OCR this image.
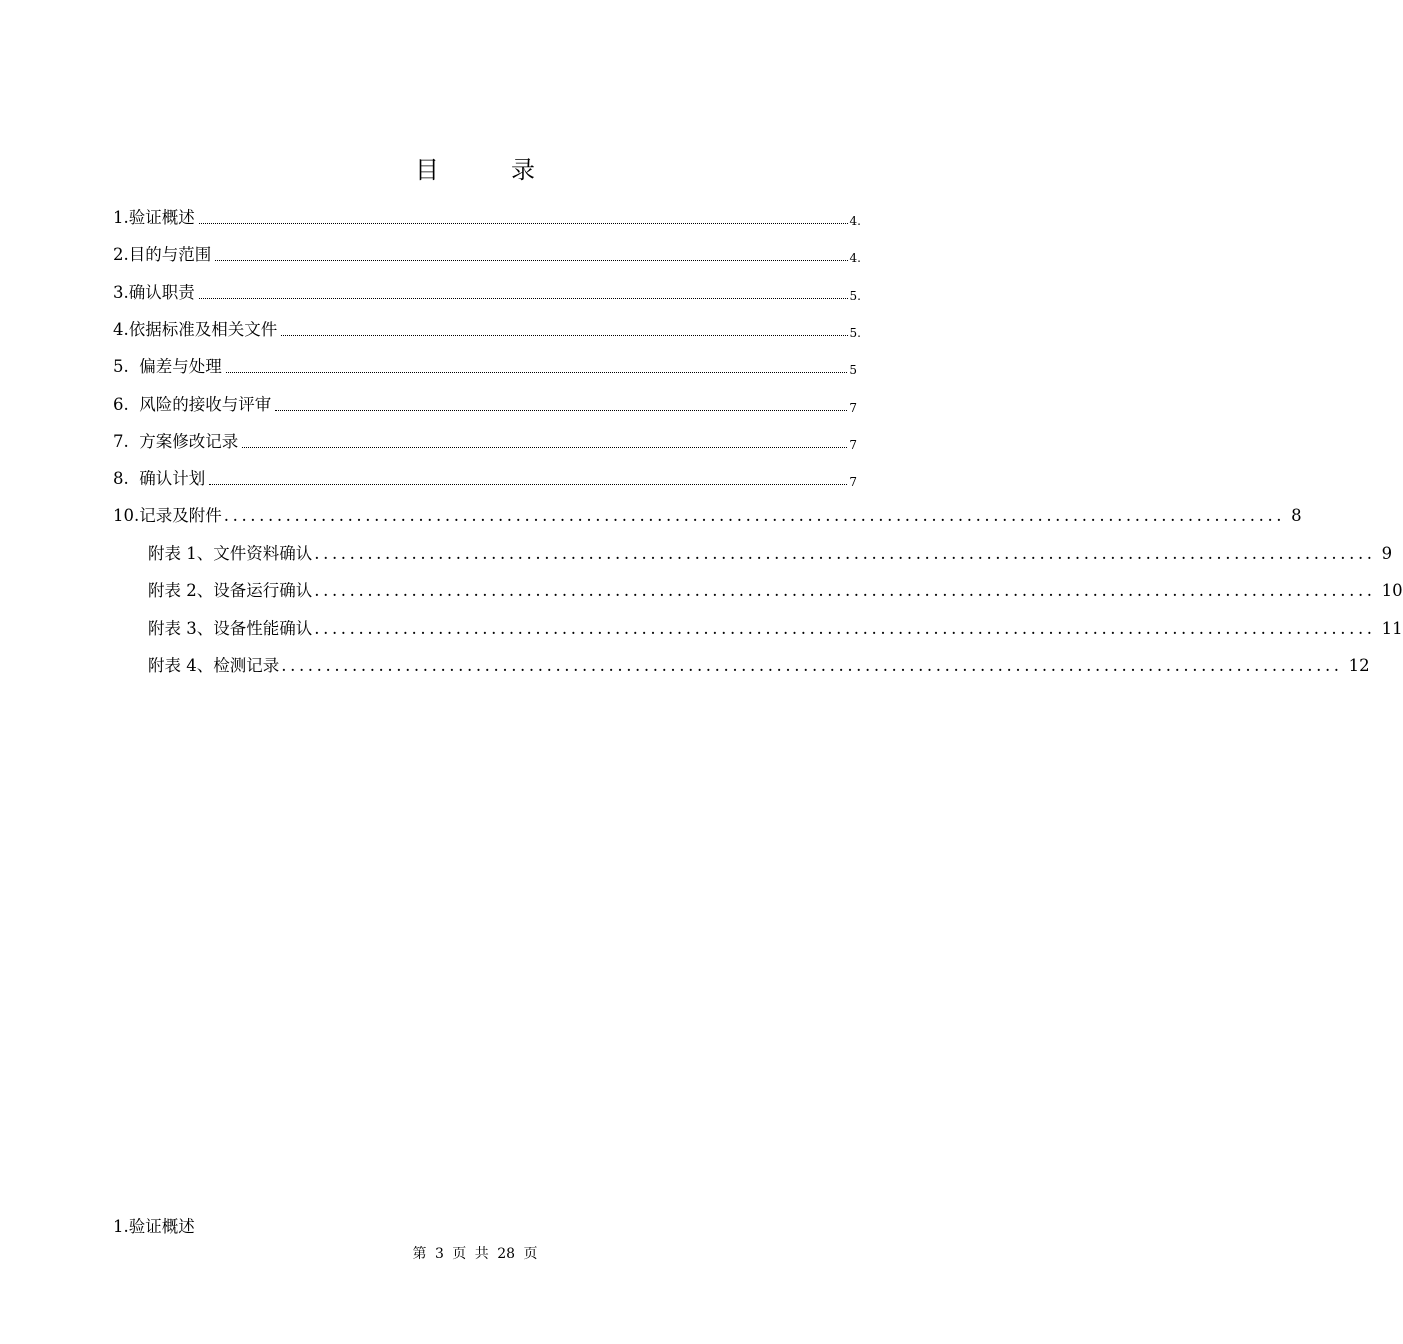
目	录
1.验证概述	4.
2.目的与范围	4.
3.确认职责	5.
4.依据标准及相关文件	5.
5.  偏差与处理	5
6.  风险的接收与评审	7
7.  方案修改记录	7
8.  确认计划	7
10.记录及附件 ........................................................................................................................ 8
附表 1、文件资料确认 ........................................................................................................................ 9
附表 2、设备运行确认 ........................................................................................................................ 10
附表 3、设备性能确认 ........................................................................................................................ 11
附表 4、检测记录 ........................................................................................................................ 12
1.验证概述
第 3 页 共 28 页
